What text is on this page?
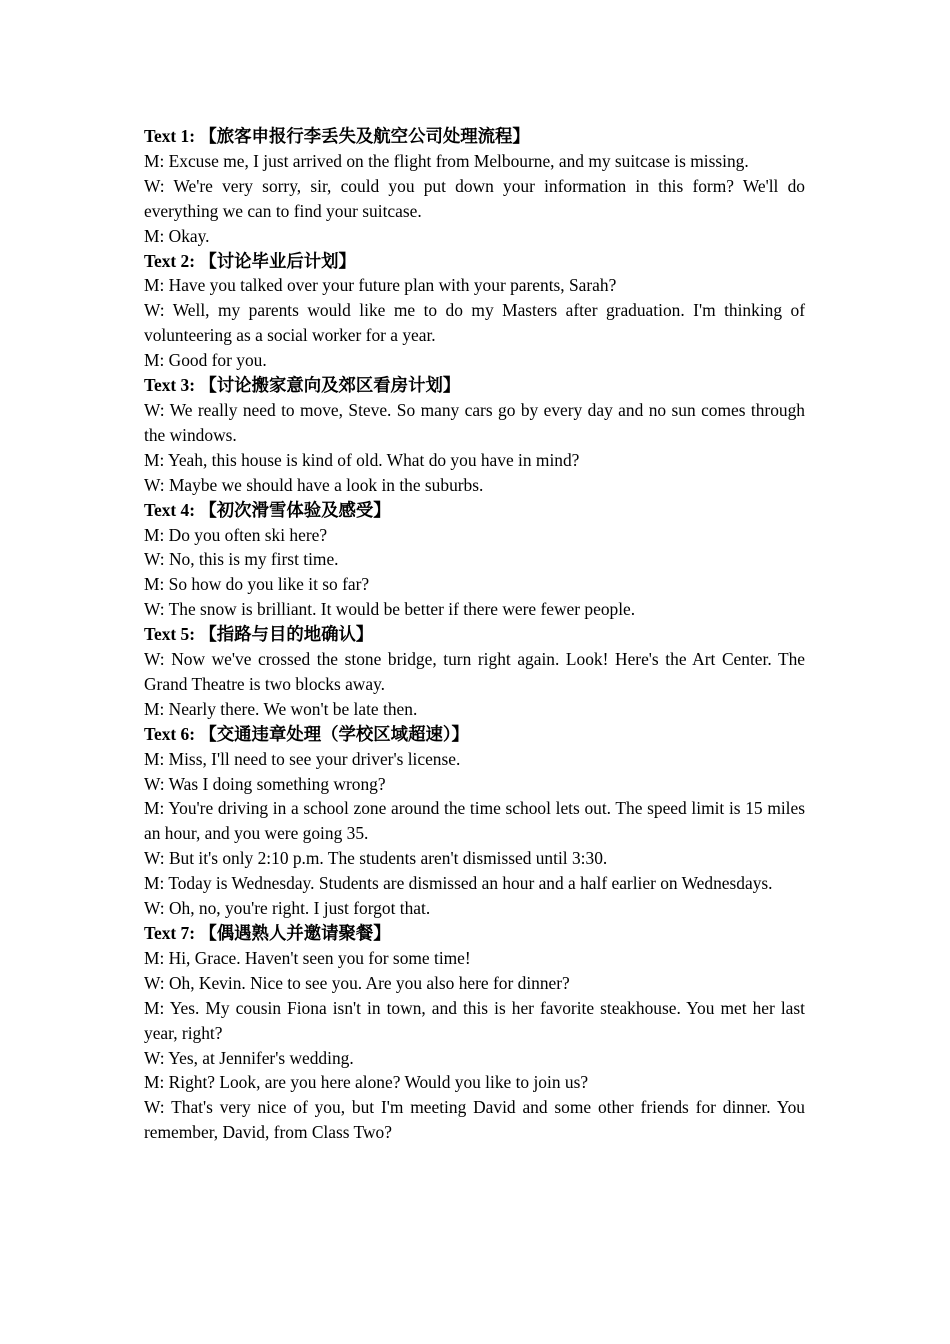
Text 1: 【旅客申报行李丢失及航空公司处理流程】

M: Excuse me, I just arrived on the flight from Melbourne, and my suitcase is missing.

W: We're very sorry, sir, could you put down your information in this form? We'll do everything we can to find your suitcase.

M: Okay.

Text 2: 【讨论毕业后计划】

M: Have you talked over your future plan with your parents, Sarah?

W: Well, my parents would like me to do my Masters after graduation. I'm thinking of volunteering as a social worker for a year.

M: Good for you.

Text 3: 【讨论搬家意向及郊区看房计划】

W: We really need to move, Steve. So many cars go by every day and no sun comes through the windows.

M: Yeah, this house is kind of old. What do you have in mind?

W: Maybe we should have a look in the suburbs.

Text 4: 【初次滑雪体验及感受】

M: Do you often ski here?

W: No, this is my first time.

M: So how do you like it so far?

W: The snow is brilliant. It would be better if there were fewer people.

Text 5: 【指路与目的地确认】

W: Now we've crossed the stone bridge, turn right again. Look! Here's the Art Center. The Grand Theatre is two blocks away.

M: Nearly there. We won't be late then.

Text 6: 【交通违章处理（学校区域超速）】

M: Miss, I'll need to see your driver's license.

W: Was I doing something wrong?

M: You're driving in a school zone around the time school lets out. The speed limit is 15 miles an hour, and you were going 35.

W: But it's only 2:10 p.m. The students aren't dismissed until 3:30.

M: Today is Wednesday. Students are dismissed an hour and a half earlier on Wednesdays.

W: Oh, no, you're right. I just forgot that.

Text 7: 【偶遇熟人并邀请聚餐】

M: Hi, Grace. Haven't seen you for some time!

W: Oh, Kevin. Nice to see you. Are you also here for dinner?

M: Yes. My cousin Fiona isn't in town, and this is her favorite steakhouse. You met her last year, right?

W: Yes, at Jennifer's wedding.

M: Right? Look, are you here alone? Would you like to join us?

W: That's very nice of you, but I'm meeting David and some other friends for dinner. You remember, David, from Class Two?
